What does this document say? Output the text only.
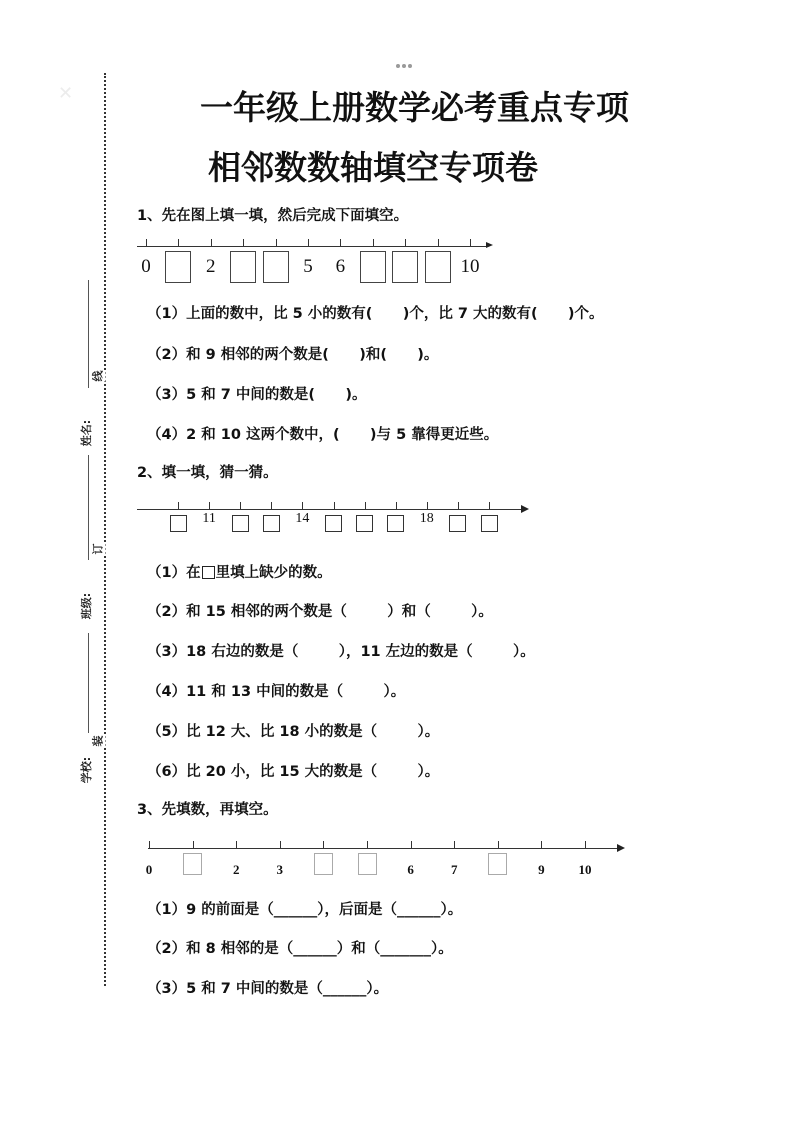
✕
线
订
装
姓名:
班级:
学校:
一年级上册数学必考重点专项
相邻数数轴填空专项卷
1、先在图上填一填，然后完成下面填空。
0	2	5 6	10
（1）上面的数中，比 5 小的数有(      )个，比 7 大的数有(      )个。
（2）和 9 相邻的两个数是(      )和(      )。
（3）5 和 7 中间的数是(      )。
（4）2 和 10 这两个数中，(      )与 5 靠得更近些。
2、填一填，猜一猜。
11	14	18
（1）在 里填上缺少的数。
（2）和 15 相邻的两个数是（        ）和（        ）。
（3）18 右边的数是（        ），11 左边的数是（        ）。
（4）11 和 13 中间的数是（        ）。
（5）比 12 大、比 18 小的数是（        ）。
（6）比 20 小，比 15 大的数是（        ）。
3、先填数，再填空。
0	2	3	6	7	9	10
（1）9 的前面是（______），后面是（______）。
（2）和 8 相邻的是（______）和（_______）。
（3）5 和 7 中间的数是（______）。
